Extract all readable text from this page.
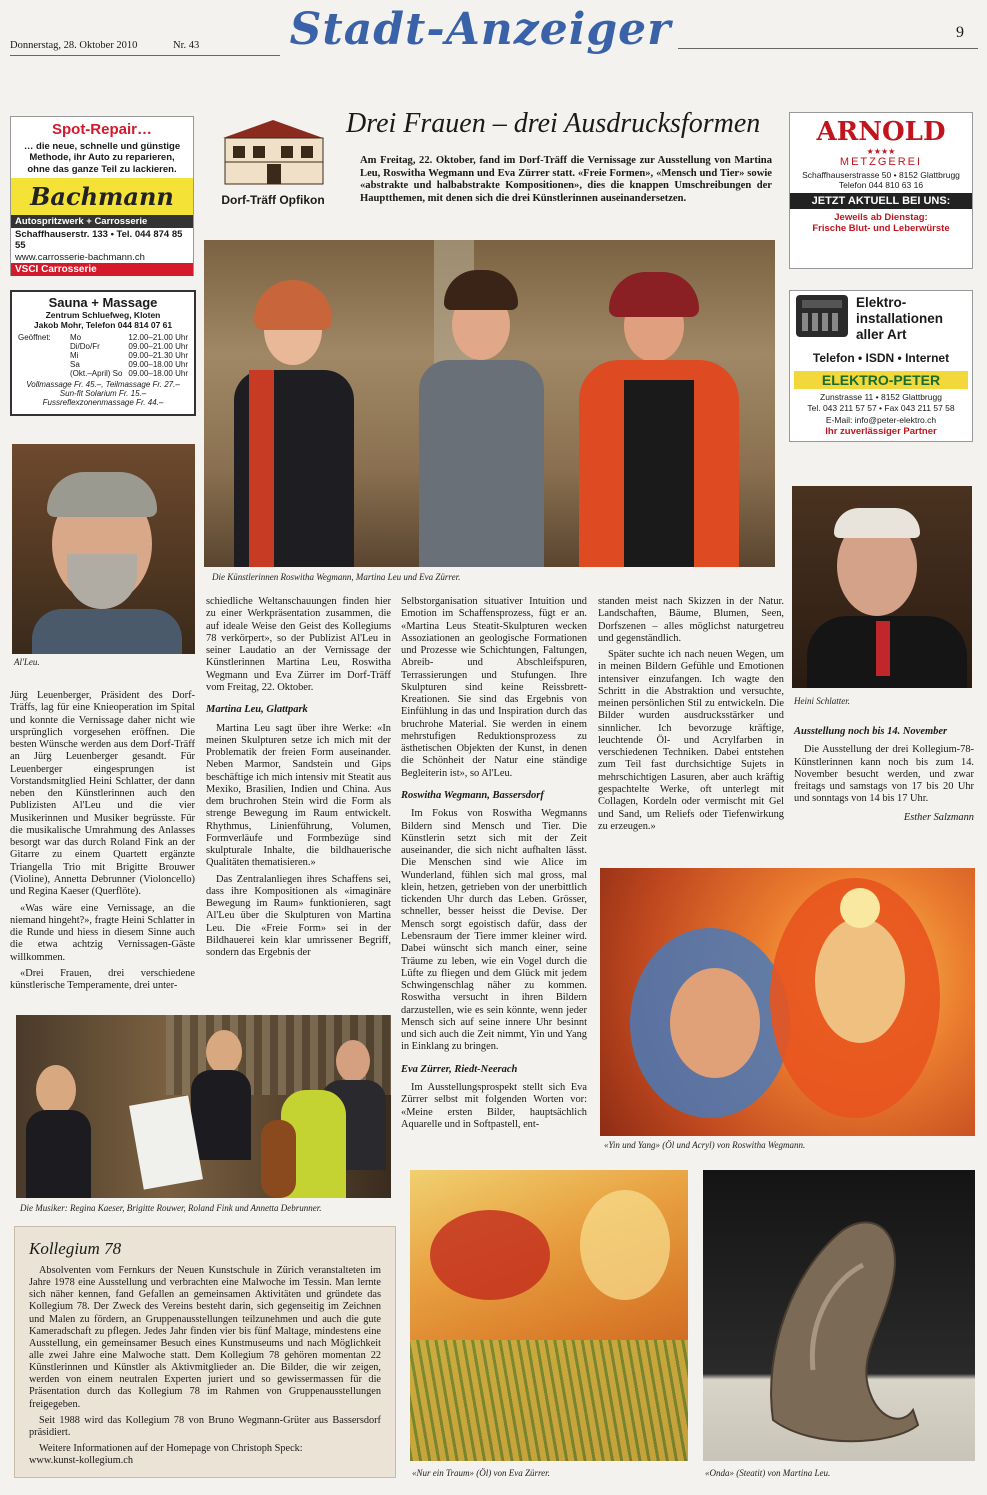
Donnerstag, 28. Oktober 2010	Nr. 43 Stadt-Anzeiger	9
Spot-Repair…
… die neue, schnelle und günstige Methode, ihr Auto zu reparieren, ohne das ganze Teil zu lackieren.
Bachmann
Autospritzwerk + Carrosserie
Schaffhauserstr. 133 • Tel. 044 874 85 55
www.carrosserie-bachmann.ch
VSCI Carrosserie
Sauna + Massage
Zentrum Schluefweg, Kloten
Jakob Mohr, Telefon 044 814 07 61
Geöffnet: Mo	12.00–21.00 Uhr
Di/Do/Fr	09.00–21.00 Uhr
Mi	09.00–21.30 Uhr
Sa	09.00–18.00 Uhr
(Okt.–April) So 09.00–18.00 Uhr
Vollmassage Fr. 45.–, Teilmassage Fr. 27.–
Sun-fit Solarium Fr. 15.–
Fussreflexzonenmassage Fr. 44.–
ARNOLD
★★★★
METZGEREI
Schaffhauserstrasse 50 • 8152 Glattbrugg
Telefon 044 810 63 16
JETZT AKTUELL BEI UNS:
Jeweils ab Dienstag:
Frische Blut- und Leberwürste
Elektro-
installationen
aller Art
Telefon • ISDN • Internet
ELEKTRO-PETER
Zunstrasse 11 • 8152 Glattbrugg
Tel. 043 211 57 57 • Fax 043 211 57 58
E-Mail: info@peter-elektro.ch
Ihr zuverlässiger Partner
Dorf-Träff Opfikon
Drei Frauen – drei Ausdrucksformen
Am Freitag, 22. Oktober, fand im Dorf-Träff die Vernissage zur Ausstellung von Martina Leu, Roswitha Wegmann und Eva Zürrer statt. «Freie Formen», «Mensch und Tier» sowie «abstrakte und halbabstrakte Kompositionen», dies die knappen Umschreibungen der Hauptthemen, mit denen sich die drei Künstlerinnen auseinandersetzen.
Die Künstlerinnen Roswitha Wegmann, Martina Leu und Eva Zürrer.
Al'Leu.
Heini Schlatter.

Jürg Leuenberger, Präsident des Dorf-Träffs, lag für eine Knieoperation im Spital und konnte die Vernissage daher nicht wie ursprünglich vorgesehen eröffnen. Die besten Wünsche werden aus dem Dorf-Träff an Jürg Leuenberger gesandt. Für Leuenberger eingesprungen ist Vorstandsmitglied Heini Schlatter, der dann neben den Künstlerinnen auch den Publizisten Al'Leu und die vier Musikerinnen und Musiker begrüsste. Für die musikalische Umrahmung des Anlasses besorgt war das durch Roland Fink an der Gitarre zu einem Quartett ergänzte Triangella Trio mit Brigitte Brouwer (Violine), Annetta Debrunner (Violoncello) und Regina Kaeser (Querflöte).

«Was wäre eine Vernissage, an die niemand hingeht?», fragte Heini Schlatter in die Runde und hiess in diesem Sinne auch die etwa achtzig Vernissagen-Gäste willkommen.

«Drei Frauen, drei verschiedene künstlerische Temperamente, drei unter-

schiedliche Weltanschauungen finden hier zu einer Werkpräsentation zusammen, die auf ideale Weise den Geist des Kollegiums 78 verkörpert», so der Publizist Al'Leu in seiner Laudatio an der Vernissage der Künstlerinnen Martina Leu, Roswitha Wegmann und Eva Zürrer im Dorf-Träff vom Freitag, 22. Oktober.

Martina Leu, Glattpark

Martina Leu sagt über ihre Werke: «In meinen Skulpturen setze ich mich mit der Problematik der freien Form auseinander. Neben Marmor, Sandstein und Gips beschäftige ich mich intensiv mit Steatit aus Mexiko, Brasilien, Indien und China. Aus dem bruchrohen Stein wird die Form als strenge Bewegung im Raum entwickelt. Rhythmus, Linienführung, Volumen, Formverläufe und Formbezüge sind skulpturale Inhalte, die bildhauerische Qualitäten thematisieren.»

Das Zentralanliegen ihres Schaffens sei, dass ihre Kompositionen als «imaginäre Bewegung im Raum» funktionieren, sagt Al'Leu über die Skulpturen von Martina Leu. Die «Freie Form» sei in der Bildhauerei kein klar umrissener Begriff, sondern das Ergebnis der

Selbstorganisation situativer Intuition und Emotion im Schaffensprozess, fügt er an. «Martina Leus Steatit-Skulpturen wecken Assoziationen an geologische Formationen und Prozesse wie Schichtungen, Faltungen, Abreib- und Abschleifspuren, Terrassierungen und Stufungen. Ihre Skulpturen sind keine Reissbrett-Kreationen. Sie sind das Ergebnis von Einfühlung in das und Inspiration durch das bruchrohe Material. Sie werden in einem mehrstufigen Reduktionsprozess zu ästhetischen Objekten der Kunst, in denen die Schönheit der Natur eine ständige Begleiterin ist», so Al'Leu.

Roswitha Wegmann, Bassersdorf

Im Fokus von Roswitha Wegmanns Bildern sind Mensch und Tier. Die Künstlerin setzt sich mit der Zeit auseinander, die sich nicht aufhalten lässt. Die Menschen sind wie Alice im Wunderland, fühlen sich mal gross, mal klein, hetzen, getrieben von der unerbittlich tickenden Uhr durch das Leben. Grösser, schneller, besser heisst die Devise. Der Mensch sorgt egoistisch dafür, dass der Lebensraum der Tiere immer kleiner wird. Dabei wünscht sich manch einer, seine Träume zu leben, wie ein Vogel durch die Lüfte zu fliegen und dem Glück mit jedem Schwingenschlag näher zu kommen. Roswitha versucht in ihren Bildern darzustellen, wie es sein könnte, wenn jeder Mensch sich auf seine innere Uhr besinnt und sich auch die Zeit nimmt, Yin und Yang in Einklang zu bringen.

Eva Zürrer, Riedt-Neerach

Im Ausstellungsprospekt stellt sich Eva Zürrer selbst mit folgenden Worten vor: «Meine ersten Bilder, hauptsächlich Aquarelle und in Softpastell, ent-

standen meist nach Skizzen in der Natur. Landschaften, Bäume, Blumen, Seen, Dorfszenen – alles möglichst naturgetreu und gegenständlich.

Später suchte ich nach neuen Wegen, um in meinen Bildern Gefühle und Emotionen intensiver einzufangen. Ich wagte den Schritt in die Abstraktion und versuchte, meinen persönlichen Stil zu entwickeln. Die Bilder wurden ausdrucksstärker und sinnlicher. Ich bevorzuge kräftige, leuchtende Öl- und Acrylfarben in verschiedenen Techniken. Dabei entstehen zum Teil fast durchsichtige Sujets in mehrschichtigen Lasuren, aber auch kräftig gespachtelte Werke, oft unterlegt mit Collagen, Kordeln oder vermischt mit Gel und Sand, um Reliefs oder Tiefenwirkung zu erzeugen.»

Ausstellung noch bis 14. November

Die Ausstellung der drei Kollegium-78-Künstlerinnen kann noch bis zum 14. November besucht werden, und zwar freitags und samstags von 17 bis 20 Uhr und sonntags von 14 bis 17 Uhr.

Esther Salzmann
Die Musiker: Regina Kaeser, Brigitte Rouwer, Roland Fink und Annetta Debrunner.
«Yin und Yang» (Öl und Acryl) von Roswitha Wegmann.
«Nur ein Traum» (Öl) von Eva Zürrer.	«Onda» (Steatit) von Martina Leu.
Kollegium 78
Absolventen vom Fernkurs der Neuen Kunstschule in Zürich veranstalteten im Jahre 1978 eine Ausstellung und verbrachten eine Malwoche im Tessin. Man lernte sich näher kennen, fand Gefallen an gemeinsamen Aktivitäten und gründete das Kollegium 78. Der Zweck des Vereins besteht darin, sich gegenseitig im Zeichnen und Malen zu fördern, an Gruppenausstellungen teilzunehmen und auch die gute Kameradschaft zu pflegen. Jedes Jahr finden vier bis fünf Maltage, mindestens eine Ausstellung, ein gemeinsamer Besuch eines Kunstmuseums und nach Möglichkeit alle zwei Jahre eine Malwoche statt. Dem Kollegium 78 gehören momentan 22 Künstlerinnen und Künstler als Aktivmitglieder an. Die Bilder, die wir zeigen, werden von einem neutralen Experten juriert und so gewissermassen für die Präsentation durch das Kollegium 78 im Rahmen von Gruppenausstellungen freigegeben.
Seit 1988 wird das Kollegium 78 von Bruno Wegmann-Grüter aus Bassersdorf präsidiert.
Weitere Informationen auf der Homepage von Christoph Speck:
www.kunst-kollegium.ch
